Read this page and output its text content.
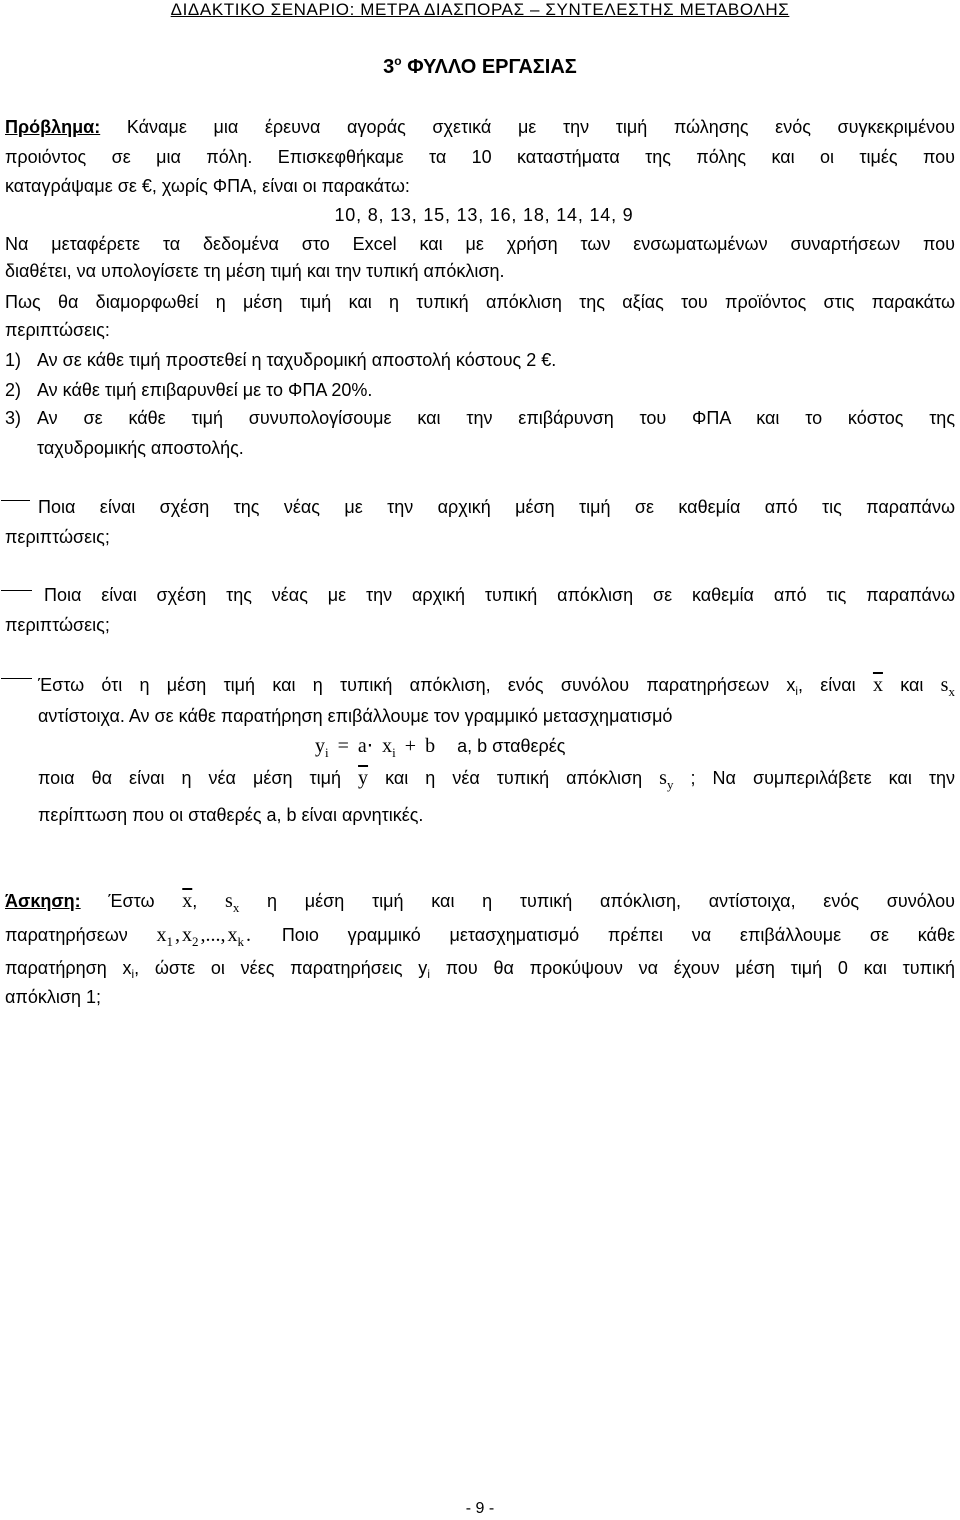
ΔΙΔΑΚΤΙΚΟ ΣΕΝΑΡΙΟ: ΜΕΤΡΑ ΔΙΑΣΠΟΡΑΣ – ΣΥΝΤΕΛΕΣΤΗΣ ΜΕΤΑΒΟΛΗΣ
$3^o$ ΦΥΛΛΟ ΕΡΓΑΣΙΑΣ
Πρόβλημα: Κάναμε μια έρευνα αγοράς σχετικά με την τιμή πώλησης ενός συγκεκριμένου
προιόντος σε μια πόλη. Επισκεφθήκαμε τα 10 καταστήματα της πόλης και οι τιμές που
καταγράψαμε σε €, χωρίς ΦΠΑ, είναι οι παρακάτω:
10, 8, 13, 15, 13, 16, 18, 14, 14, 9
Να μεταφέρετε τα δεδομένα στο Excel και με χρήση των ενσωματωμένων συναρτήσεων που
διαθέτει, να υπολογίσετε τη μέση τιμή και την τυπική απόκλιση.
Πως θα διαμορφωθεί η μέση τιμή και η τυπική απόκλιση της αξίας του προϊόντος στις παρακάτω
περιπτώσεις:
1) Αν σε κάθε τιμή προστεθεί η ταχυδρομική αποστολή κόστους 2 €.
2) Αν κάθε τιμή επιβαρυνθεί με το ΦΠΑ 20%.
3) Αν σε κάθε τιμή συνυπολογίσουμε και την επιβάρυνση του ΦΠΑ και το κόστος της
ταχυδρομικής αποστολής.
Ποια είναι σχέση της νέας με την αρχική μέση τιμή σε καθεμία από τις παραπάνω
περιπτώσεις;
Ποια είναι σχέση της νέας με την αρχική τυπική απόκλιση σε καθεμία από τις παραπάνω
περιπτώσεις;
Έστω ότι η μέση τιμή και η τυπική απόκλιση, ενός συνόλου παρατηρήσεων $x_i$, είναι $\overline{x}$ και $s_x$
αντίστοιχα. Αν σε κάθε παρατήρηση επιβάλλουμε τον γραμμικό μετασχηματισμό
$y_i = a\cdot x_i + b$ a, b σταθερές
ποια θα είναι η νέα μέση τιμή $\overline{y}$ και η νέα τυπική απόκλιση $s_y$ ; Να συμπεριλάβετε και την
περίπτωση που οι σταθερές a, b είναι αρνητικές.
Άσκηση: Έστω $\overline{x}$, $s_x$ η μέση τιμή και η τυπική απόκλιση, αντίστοιχα, ενός συνόλου
παρατηρήσεων $x_1$ , $x_2$ ,..., $x_k$ . Ποιο γραμμικό μετασχηματισμό πρέπει να επιβάλλουμε σε κάθε
παρατήρηση $x_i$, ώστε οι νέες παρατηρήσεις $y_i$ που θα προκύψουν να έχουν μέση τιμή 0 και τυπική
απόκλιση 1;
- 9 -
